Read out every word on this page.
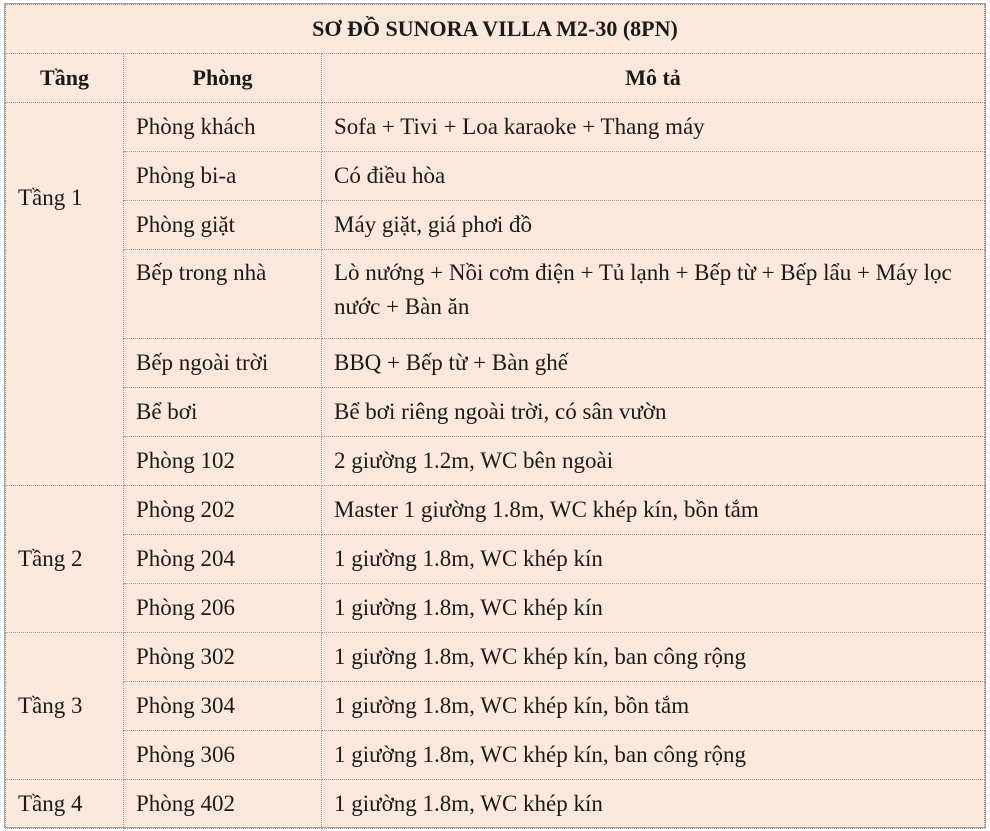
SƠ ĐỒ SUNORA VILLA M2-30 (8PN)		
Tầng	Phòng	Mô tả
Tầng 1	Phòng khách	Sofa + Tivi + Loa karaoke + Thang máy
	Phòng bi-a	Có điều hòa
	Phòng giặt	Máy giặt, giá phơi đồ
	Bếp trong nhà	Lò nướng + Nồi cơm điện + Tủ lạnh + Bếp từ + Bếp lẩu + Máy lọc nước + Bàn ăn
	Bếp ngoài trời	BBQ + Bếp từ + Bàn ghế
	Bể bơi	Bể bơi riêng ngoài trời, có sân vườn
	Phòng 102	2 giường 1.2m, WC bên ngoài
Tầng 2	Phòng 202	Master 1 giường 1.8m, WC khép kín, bồn tắm
	Phòng 204	1 giường 1.8m, WC khép kín
	Phòng 206	1 giường 1.8m, WC khép kín
Tầng 3	Phòng 302	1 giường 1.8m, WC khép kín, ban công rộng
	Phòng 304	1 giường 1.8m, WC khép kín, bồn tắm
	Phòng 306	1 giường 1.8m, WC khép kín, ban công rộng
Tầng 4	Phòng 402	1 giường 1.8m, WC khép kín
